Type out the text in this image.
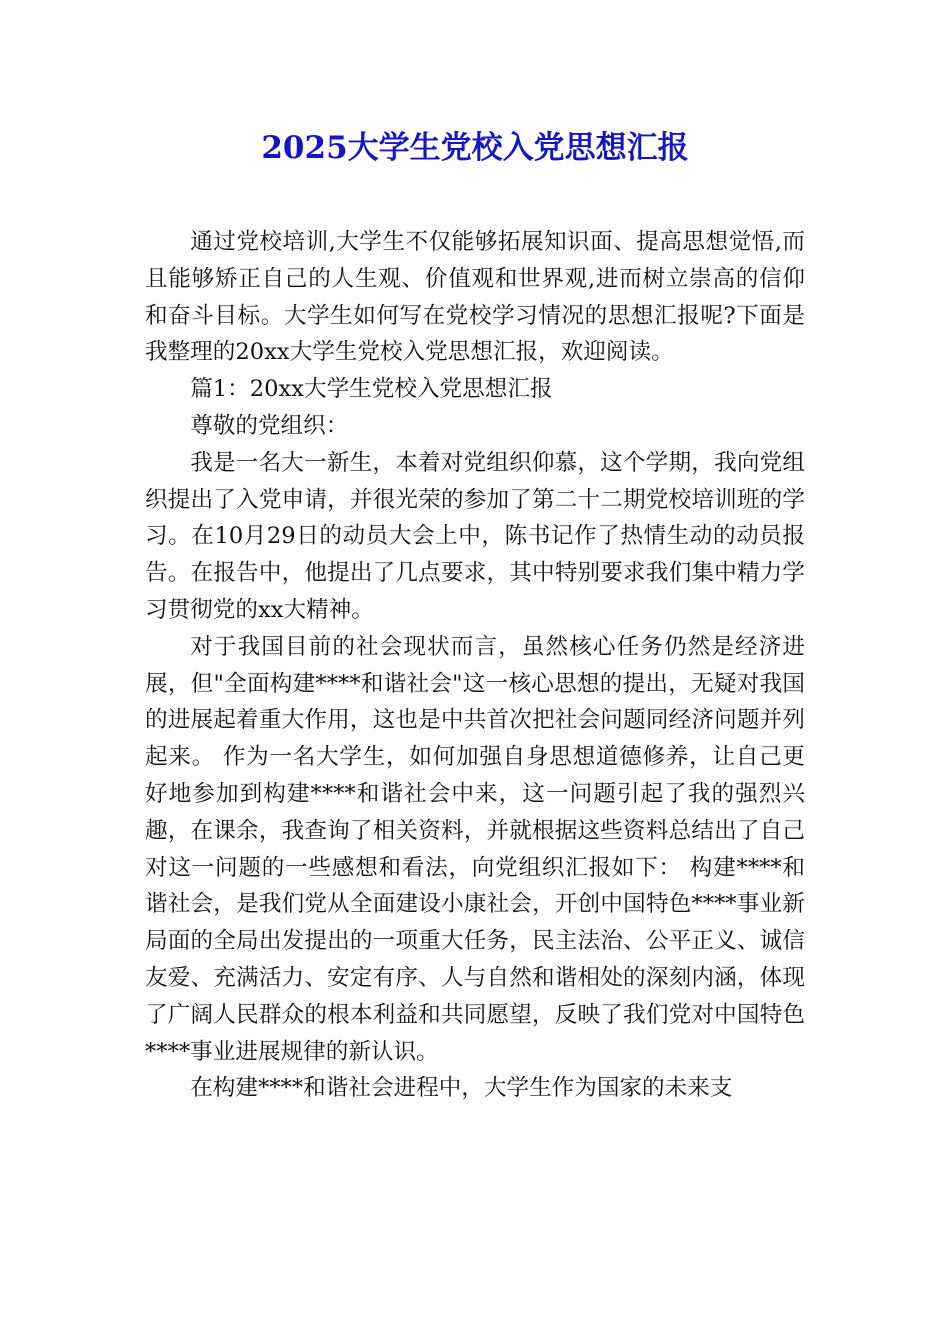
2025大学生党校入党思想汇报

通过党校培训,大学生不仅能够拓展知识面、提高思想觉悟,而且能够矫正自己的人生观、价值观和世界观,进而树立崇高的信仰和奋斗目标。大学生如何写在党校学习情况的思想汇报呢?下面是我整理的20xx大学生党校入党思想汇报，欢迎阅读。

篇1：20xx大学生党校入党思想汇报

尊敬的党组织：

我是一名大一新生，本着对党组织仰慕，这个学期，我向党组织提出了入党申请，并很光荣的参加了第二十二期党校培训班的学习。在10月29日的动员大会上中，陈书记作了热情生动的动员报告。在报告中，他提出了几点要求，其中特别要求我们集中精力学习贯彻党的xx大精神。

对于我国目前的社会现状而言，虽然核心任务仍然是经济进展，但"全面构建****和谐社会"这一核心思想的提出，无疑对我国的进展起着重大作用，这也是中共首次把社会问题同经济问题并列起来。 作为一名大学生，如何加强自身思想道德修养，让自己更好地参加到构建****和谐社会中来，这一问题引起了我的强烈兴趣，在课余，我查询了相关资料，并就根据这些资料总结出了自己对这一问题的一些感想和看法，向党组织汇报如下： 构建****和谐社会，是我们党从全面建设小康社会，开创中国特色****事业新局面的全局出发提出的一项重大任务，民主法治、公平正义、诚信友爱、充满活力、安定有序、人与自然和谐相处的深刻内涵，体现了广阔人民群众的根本利益和共同愿望，反映了我们党对中国特色****事业进展规律的新认识。

在构建****和谐社会进程中，大学生作为国家的未来支
